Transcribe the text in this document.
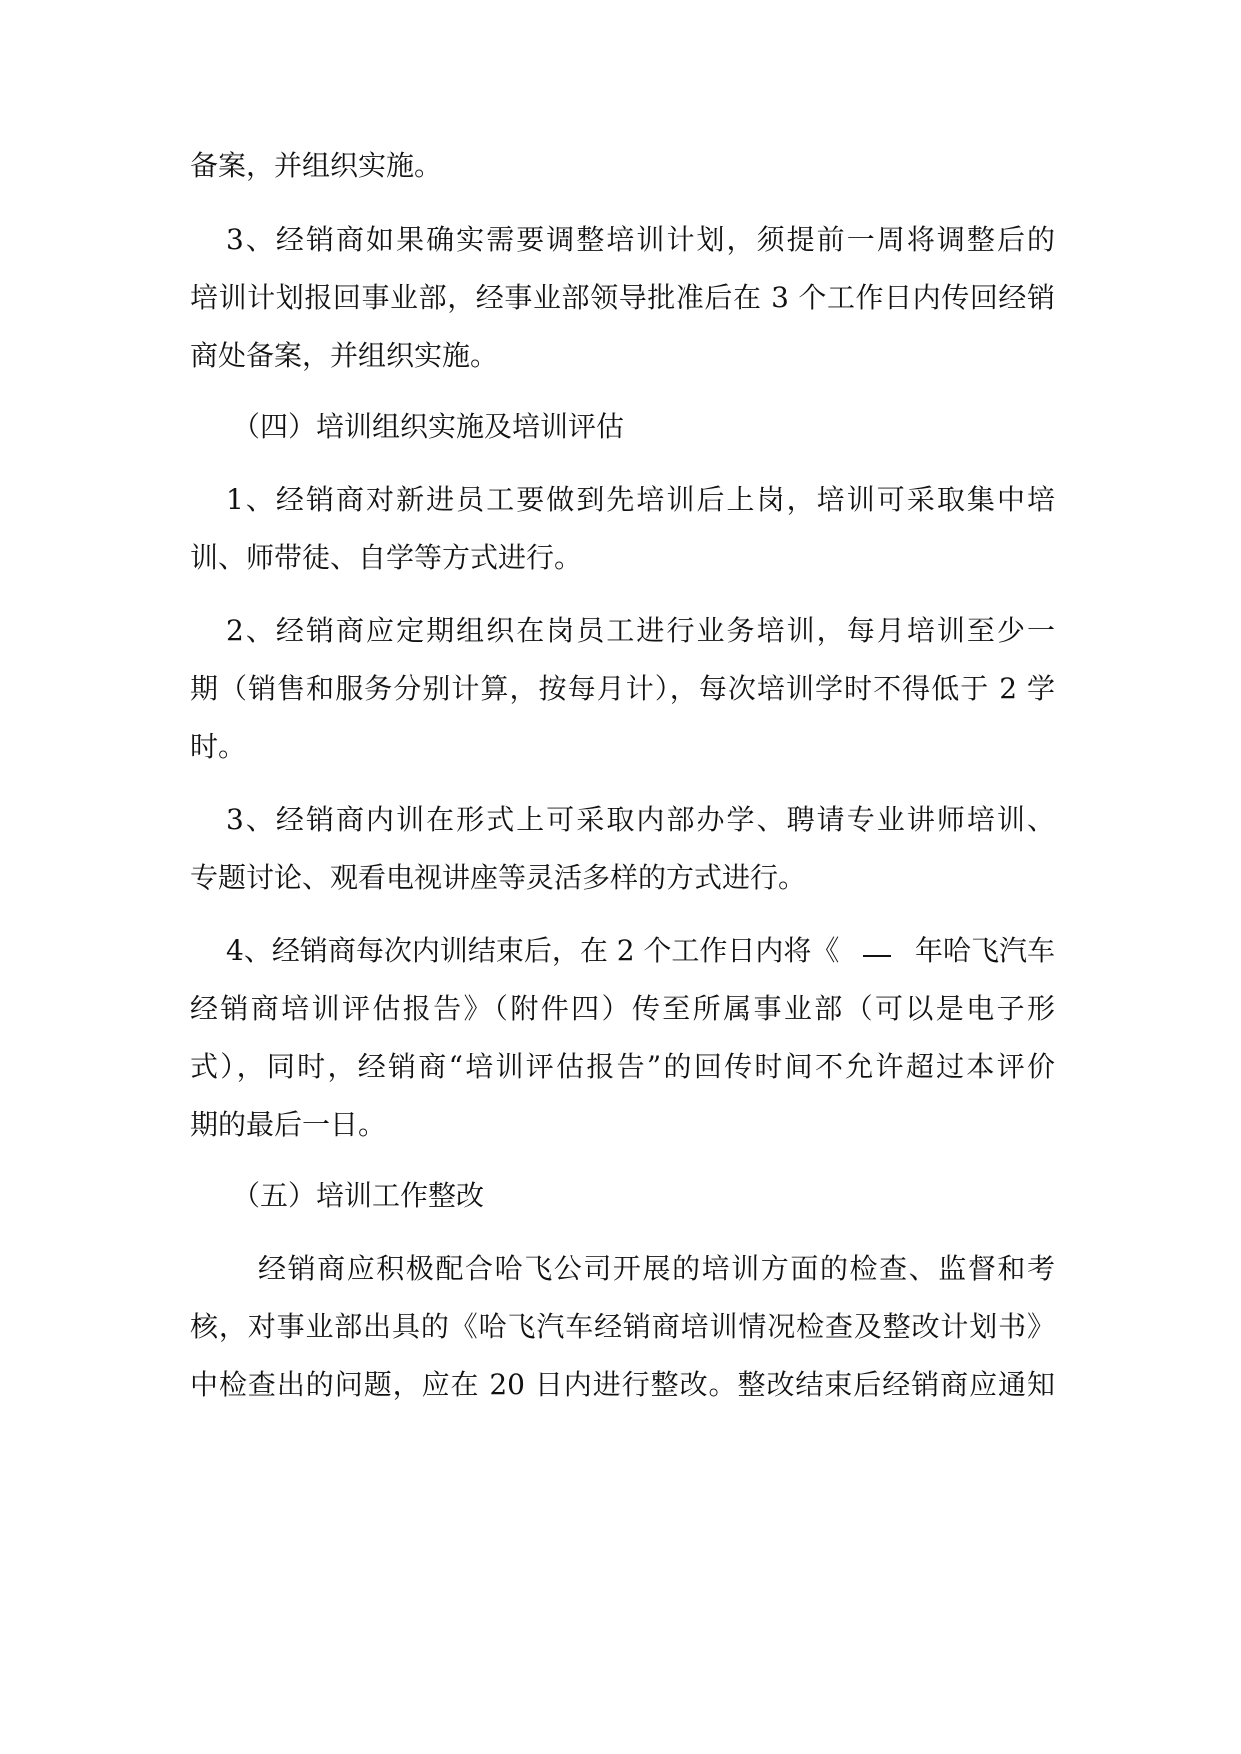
备案，并组织实施。

3、经销商如果确实需要调整培训计划，须提前一周将调整后的

培训计划报回事业部，经事业部领导批准后在 3 个工作日内传回经销

商处备案，并组织实施。

（四）培训组织实施及培训评估

1、经销商对新进员工要做到先培训后上岗，培训可采取集中培

训、师带徒、自学等方式进行。

2、经销商应定期组织在岗员工进行业务培训，每月培训至少一

期（销售和服务分别计算，按每月计），每次培训学时不得低于 2 学

时。

3、经销商内训在形式上可采取内部办学、聘请专业讲师培训、

专题讨论、观看电视讲座等灵活多样的方式进行。

4、经销商每次内训结束后，在 2 个工作日内将《	年哈飞汽车

经销商培训评估报告》（附件四）传至所属事业部（可以是电子形

式），同时，经销商“培训评估报告”的回传时间不允许超过本评价

期的最后一日。

（五）培训工作整改

经销商应积极配合哈飞公司开展的培训方面的检查、监督和考

核，对事业部出具的《哈飞汽车经销商培训情况检查及整改计划书》

中检查出的问题，应在 20 日内进行整改。整改结束后经销商应通知
